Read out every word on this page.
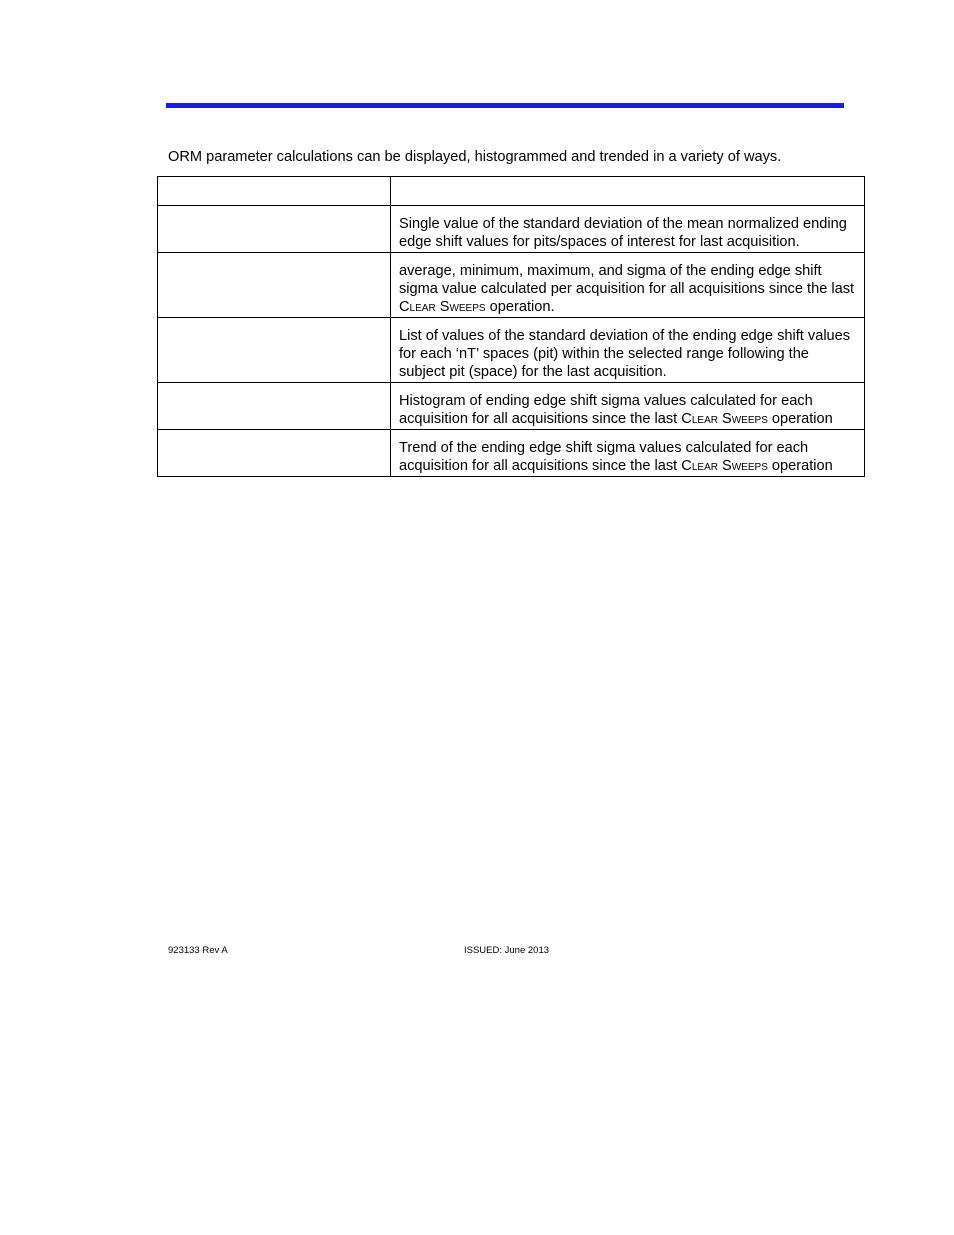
ORM parameter calculations can be displayed, histogrammed and trended in a variety of ways.

	Single value of the standard deviation of the mean normalized ending edge shift values for pits/spaces of interest for last acquisition.
	average, minimum, maximum, and sigma of the ending edge shift sigma value calculated per acquisition for all acquisitions since the last Clear Sweeps operation.
	List of values of the standard deviation of the ending edge shift values for each ‘nT’ spaces (pit) within the selected range following the subject pit (space) for the last acquisition.
	Histogram of ending edge shift sigma values calculated for each acquisition for all acquisitions since the last Clear Sweeps operation
	Trend of the ending edge shift sigma values calculated for each acquisition for all acquisitions since the last Clear Sweeps operation
923133 Rev A	ISSUED: June 2013
